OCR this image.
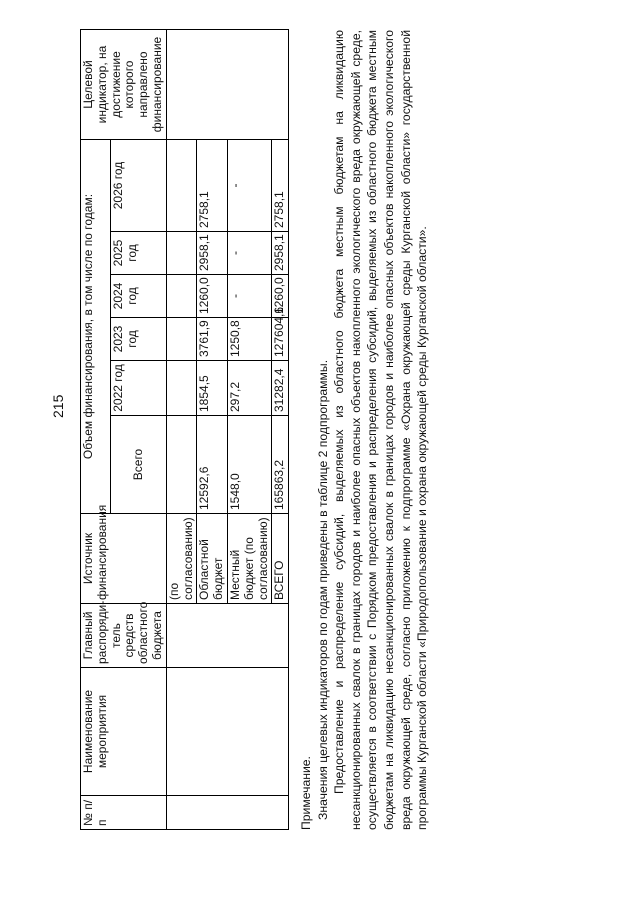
215
№ п/п	Наименование мероприятия	Главный распоряди-тель средств областного бюджета	Источник финансирования	Объем финансирования, в том числе по годам:						Целевой индикатор, на достижение которого направлено финансирование
				Всего	2022 год	2023 год	2024 год	2025 год	2026 год	
			(по согласованию)							
			Областной бюджет	12592,6	1854,5	3761,9	1260,0	2958,1	2758,1	
			Местный бюджет (по согласованию)	1548,0	297,2	1250,8	-	-	-	
			ВСЕГО	165863,2	31282,4	127604,6	1260,0	2958,1	2758,1	

Примечание. Значения целевых индикаторов по годам приведены в таблице 2 подпрограммы. Предоставление и распределение субсидий, выделяемых из областного бюджета местным бюджетам на ликвидацию несанкционированных свалок в границах городов и наиболее опасных объектов накопленного экологического вреда окружающей среде, осуществляется в соответствии с Порядком предоставления и распределения субсидий, выделяемых из областного бюджета местным бюджетам на ликвидацию несанкционированных свалок в границах городов и наиболее опасных объектов накопленного экологического вреда окружающей среде, согласно приложению к подпрограмме «Охрана окружающей среды Курганской области» государственной программы Курганской области «Природопользование и охрана окружающей среды Курганской области».
